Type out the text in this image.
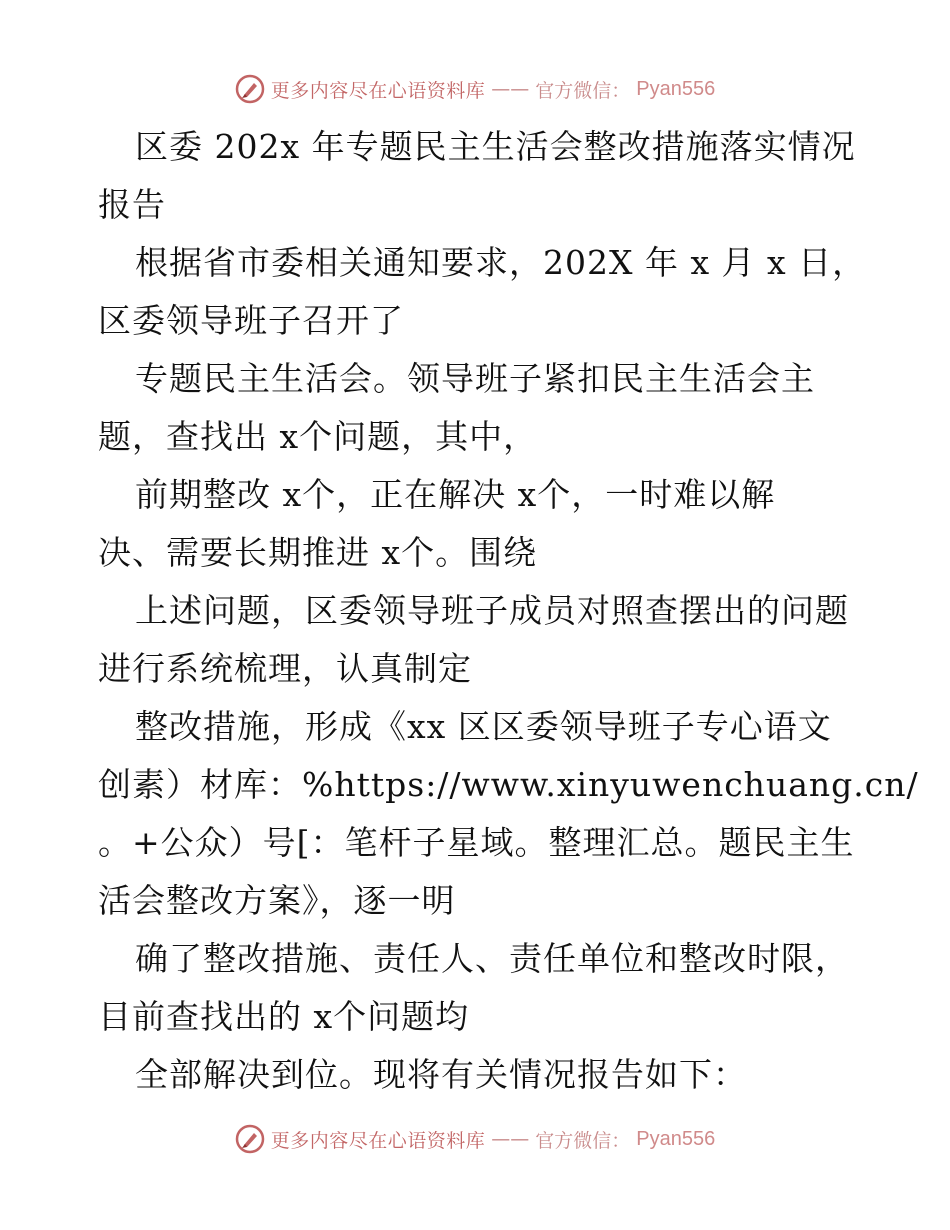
更多内容尽在心语资料库 —— 官方微信： Pyan556
区委 202x 年专题民主生活会整改措施落实情况
报告
根据省市委相关通知要求，202X 年 x 月 x 日，
区委领导班子召开了
专题民主生活会。领导班子紧扣民主生活会主
题，查找出 x个问题，其中，
前期整改 x个，正在解决 x个，一时难以解
决、需要长期推进 x个。围绕
上述问题，区委领导班子成员对照查摆出的问题
进行系统梳理，认真制定
整改措施，形成《xx 区区委领导班子专心语文
创素）材库：%https://www.xinyuwenchuang.cn/
。+公众）号[：笔杆子星域。整理汇总。题民主生
活会整改方案》，逐一明
确了整改措施、责任人、责任单位和整改时限，
目前查找出的 x个问题均
全部解决到位。现将有关情况报告如下：
更多内容尽在心语资料库 —— 官方微信： Pyan556
